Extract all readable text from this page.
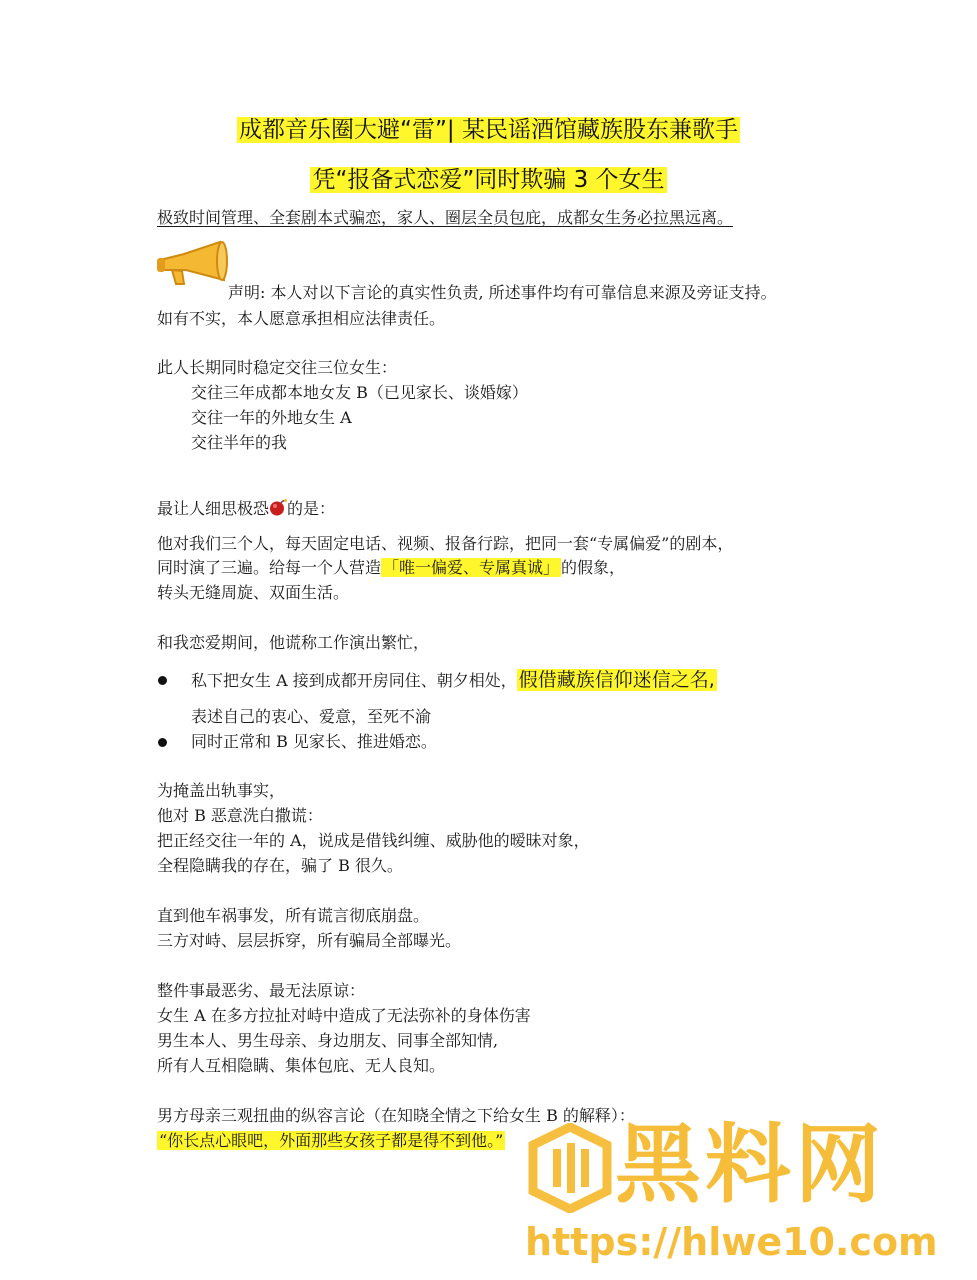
成都音乐圈大避“雷”| 某民谣酒馆藏族股东兼歌手
凭“报备式恋爱”同时欺骗 3 个女生
极致时间管理、全套剧本式骗恋，家人、圈层全员包庇，成都女生务必拉黑远离。
声明: 本人对以下言论的真实性负责, 所述事件均有可靠信息来源及旁证支持。
如有不实，本人愿意承担相应法律责任。
此人长期同时稳定交往三位女生：
交往三年成都本地女友 B（已见家长、谈婚嫁）
交往一年的外地女生 A
交往半年的我
最让人细思极恐 的是：
他对我们三个人，每天固定电话、视频、报备行踪，把同一套“专属偏爱”的剧本，
同时演了三遍。给每一个人营造 「唯一偏爱、专属真诚」 的假象，
转头无缝周旋、双面生活。
和我恋爱期间，他谎称工作演出繁忙，
私下把女生 A 接到成都开房同住、朝夕相处， 假借藏族信仰迷信之名,
表述自己的衷心、爱意，至死不渝
同时正常和 B 见家长、推进婚恋。
为掩盖出轨事实，
他对 B 恶意洗白撒谎：
把正经交往一年的 A，说成是借钱纠缠、威胁他的暧昧对象，
全程隐瞒我的存在，骗了 B 很久。
直到他车祸事发，所有谎言彻底崩盘。
三方对峙、层层拆穿，所有骗局全部曝光。
整件事最恶劣、最无法原谅：
女生 A 在多方拉扯对峙中造成了无法弥补的身体伤害
男生本人、男生母亲、身边朋友、同事全部知情,
所有人互相隐瞒、集体包庇、无人良知。
男方母亲三观扭曲的纵容言论（在知晓全情之下给女生 B 的解释）：
“你长点心眼吧，外面那些女孩子都是得不到他。” 黑料网
https://hlwe10.com
